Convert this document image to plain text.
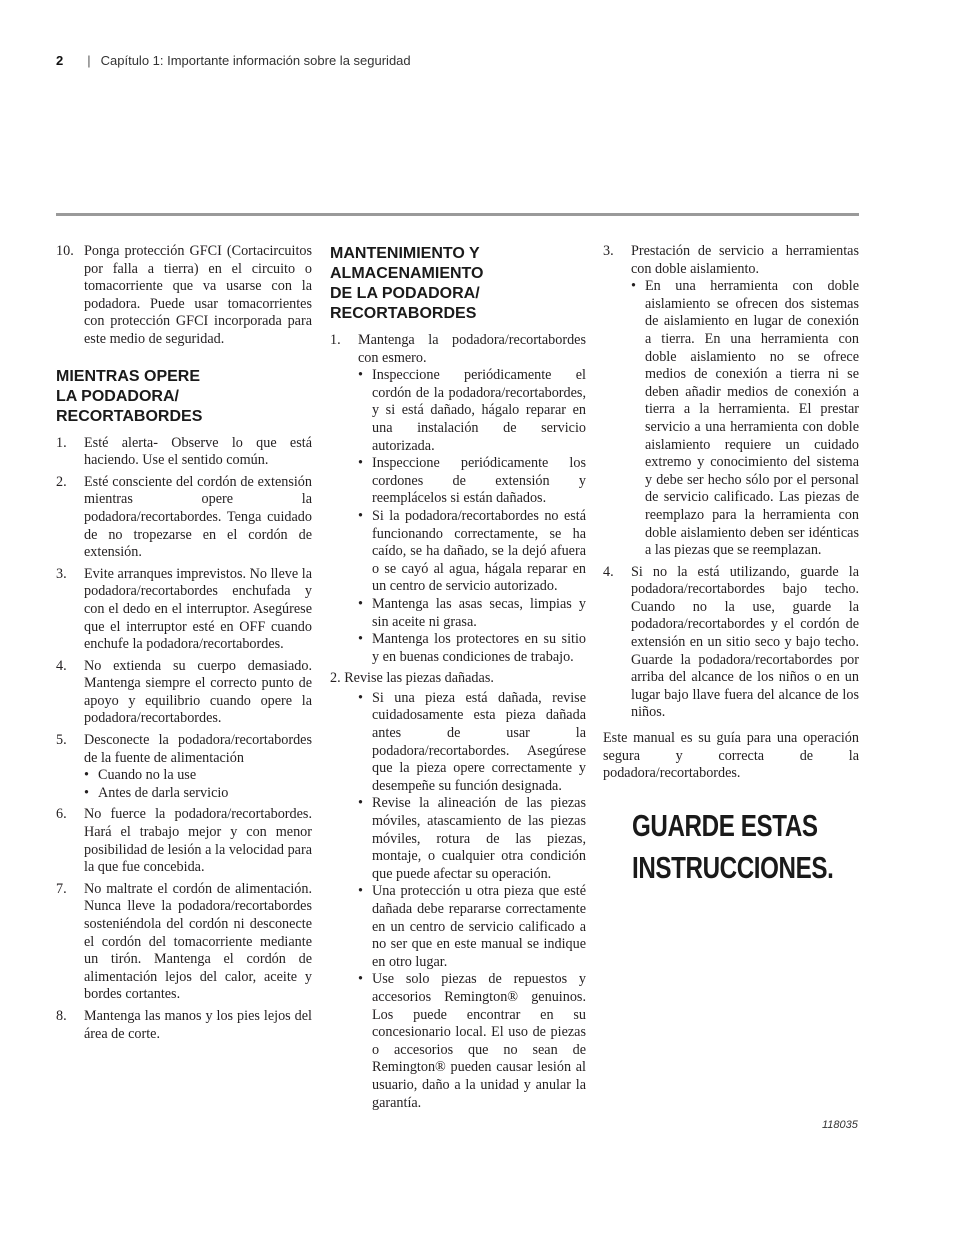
2 | Capítulo 1: Importante información sobre la seguridad
10. Ponga protección GFCI (Cortacircuitos por falla a tierra) en el circuito o tomacorriente que va usarse con la podadora. Puede usar tomacorrientes con protección GFCI incorporada para este medio de seguridad.
MIENTRAS OPERE
LA PODADORA/
RECORTABORDES
1.	Esté alerta- Observe lo que está haciendo. Use el sentido común.
2.	Esté consciente del cordón de extensión mientras opere la podadora/recortabordes. Tenga cuidado de no tropezarse en el cordón de extensión.
3.	Evite arranques imprevistos. No lleve la podadora/recortabordes enchufada y con el dedo en el interruptor. Asegúrese que el interruptor esté en OFF cuando enchufe la podadora/recortabordes.
4.	No extienda su cuerpo demasiado. Mantenga siempre el correcto punto de apoyo y equilibrio cuando opere la podadora/recortabordes.
5.	Desconecte la podadora/recortabordes de la fuente de alimentación
• Cuando no la use
• Antes de darla servicio
6.	No fuerce la podadora/recortabordes. Hará el trabajo mejor y con menor posibilidad de lesión a la velocidad para la que fue concebida.
7.	No maltrate el cordón de alimentación. Nunca lleve la podadora/recortabordes sosteniéndola del cordón ni desconecte el cordón del tomacorriente mediante un tirón. Mantenga el cordón de alimentación lejos del calor, aceite y bordes cortantes.
8.	Mantenga las manos y los pies lejos del área de corte.
MANTENIMIENTO Y
ALMACENAMIENTO
DE LA PODADORA/
RECORTABORDES
1.	Mantenga la podadora/recortabordes con esmero.
• Inspeccione periódicamente el cordón de la podadora/recortabordes, y si está dañado, hágalo reparar en una instalación de servicio autorizada.
• Inspeccione periódicamente los cordones de extensión y reemplácelos si están dañados.
• Si la podadora/recortabordes no está funcionando correctamente, se ha caído, se ha dañado, se la dejó afuera o se cayó al agua, hágala reparar en un centro de servicio autorizado.
• Mantenga las asas secas, limpias y sin aceite ni grasa.
• Mantenga los protectores en su sitio y en buenas condiciones de trabajo.
2. Revise las piezas dañadas.
• Si una pieza está dañada, revise cuidadosamente esta pieza dañada antes de usar la podadora/recortabordes. Asegúrese que la pieza opere correctamente y desempeñe su función designada.
• Revise la alineación de las piezas móviles, atascamiento de las piezas móviles, rotura de las piezas, montaje, o cualquier otra condición que puede afectar su operación.
• Una protección u otra pieza que esté dañada debe repararse correctamente en un centro de servicio calificado a no ser que en este manual se indique en otro lugar.
• Use solo piezas de repuestos y accesorios Remington® genuinos. Los puede encontrar en su concesionario local. El uso de piezas o accesorios que no sean de Remington® pueden causar lesión al usuario, daño a la unidad y anular la garantía.
3.	Prestación de servicio a herramientas con doble aislamiento.
• En una herramienta con doble aislamiento se ofrecen dos sistemas de aislamiento en lugar de conexión a tierra. En una herramienta con doble aislamiento no se ofrece medios de conexión a tierra ni se deben añadir medios de conexión a tierra a la herramienta. El prestar servicio a una herramienta con doble aislamiento requiere un cuidado extremo y conocimiento del sistema y debe ser hecho sólo por el personal de servicio calificado. Las piezas de reemplazo para la herramienta con doble aislamiento deben ser idénticas a las piezas que se reemplazan.
4.	Si no la está utilizando, guarde la podadora/recortabordes bajo techo. Cuando no la use, guarde la podadora/recortabordes y el cordón de extensión en un sitio seco y bajo techo. Guarde la podadora/recortabordes por arriba del alcance de los niños o en un lugar bajo llave fuera del alcance de los niños.
Este manual es su guía para una operación segura y correcta de la podadora/recortabordes.
GUARDE ESTAS
INSTRUCCIONES.
118035
